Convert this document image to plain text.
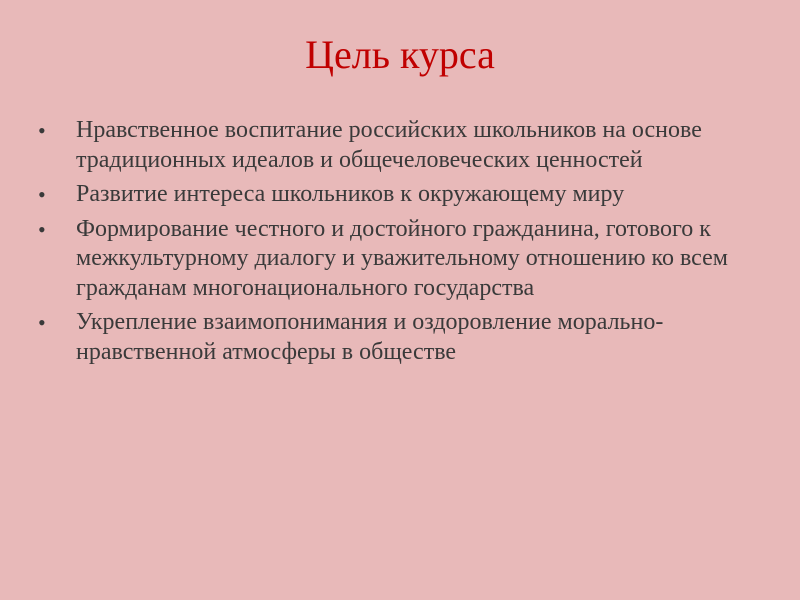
Цель курса
• Нравственное воспитание российских школьников на основе традиционных идеалов и общечеловеческих ценностей
• Развитие интереса школьников к окружающему миру
• Формирование честного и достойного гражданина, готового к межкультурному диалогу и уважительному отношению ко всем гражданам многонационального государства
• Укрепление взаимопонимания и оздоровление морально-нравственной атмосферы в обществе
